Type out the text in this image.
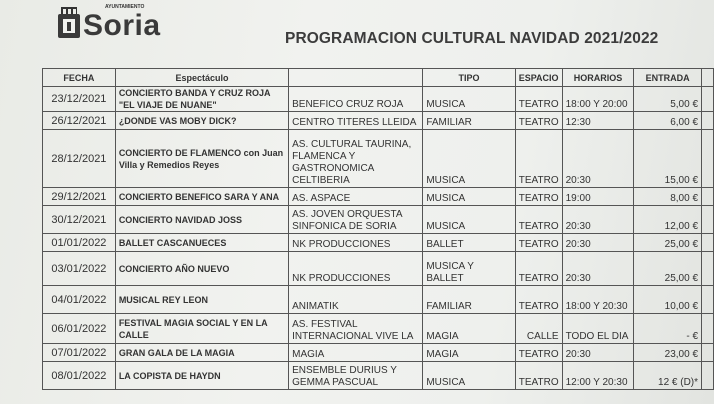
AYUNTAMIENTO
Soria	PROGRAMACION CULTURAL NAVIDAD 2021/2022
FECHA	Espectáculo		TIPO	ESPACIO	HORARIOS	ENTRADA	
23/12/2021	CONCIERTO BANDA Y CRUZ ROJA "EL VIAJE DE NUANE"	BENEFICO CRUZ ROJA	MUSICA	TEATRO	18:00 Y 20:00	5,00 €	
26/12/2021	¿DONDE VAS MOBY DICK?	CENTRO TITERES LLEIDA	FAMILIAR	TEATRO	12:30	6,00 €	
28/12/2021	CONCIERTO DE FLAMENCO con Juan Villa y Remedios Reyes	AS. CULTURAL TAURINA, FLAMENCA Y GASTRONOMICA CELTIBERIA	MUSICA	TEATRO	20:30	15,00 €	
29/12/2021	CONCIERTO BENEFICO SARA Y ANA	AS. ASPACE	MUSICA	TEATRO	19:00	8,00 €	
30/12/2021	CONCIERTO NAVIDAD JOSS	AS. JOVEN ORQUESTA SINFONICA DE SORIA	MUSICA	TEATRO	20:30	12,00 €	
01/01/2022	BALLET CASCANUECES	NK PRODUCCIONES	BALLET	TEATRO	20:30	25,00 €	
03/01/2022	CONCIERTO AÑO NUEVO	NK PRODUCCIONES	MUSICA Y BALLET	TEATRO	20:30	25,00 €	
04/01/2022	MUSICAL REY LEON	ANIMATIK	FAMILIAR	TEATRO	18:00 Y 20:30	10,00 €	
06/01/2022	FESTIVAL MAGIA SOCIAL Y EN LA CALLE	AS. FESTIVAL INTERNACIONAL VIVE LA	MAGIA	CALLE	TODO EL DIA	- €	
07/01/2022	GRAN GALA DE LA MAGIA	MAGIA	MAGIA	TEATRO	20:30	23,00 €	
08/01/2022	LA COPISTA DE HAYDN	ENSEMBLE DURIUS Y GEMMA PASCUAL	MUSICA	TEATRO	12:00 Y 20:30	12 € (D)*	
